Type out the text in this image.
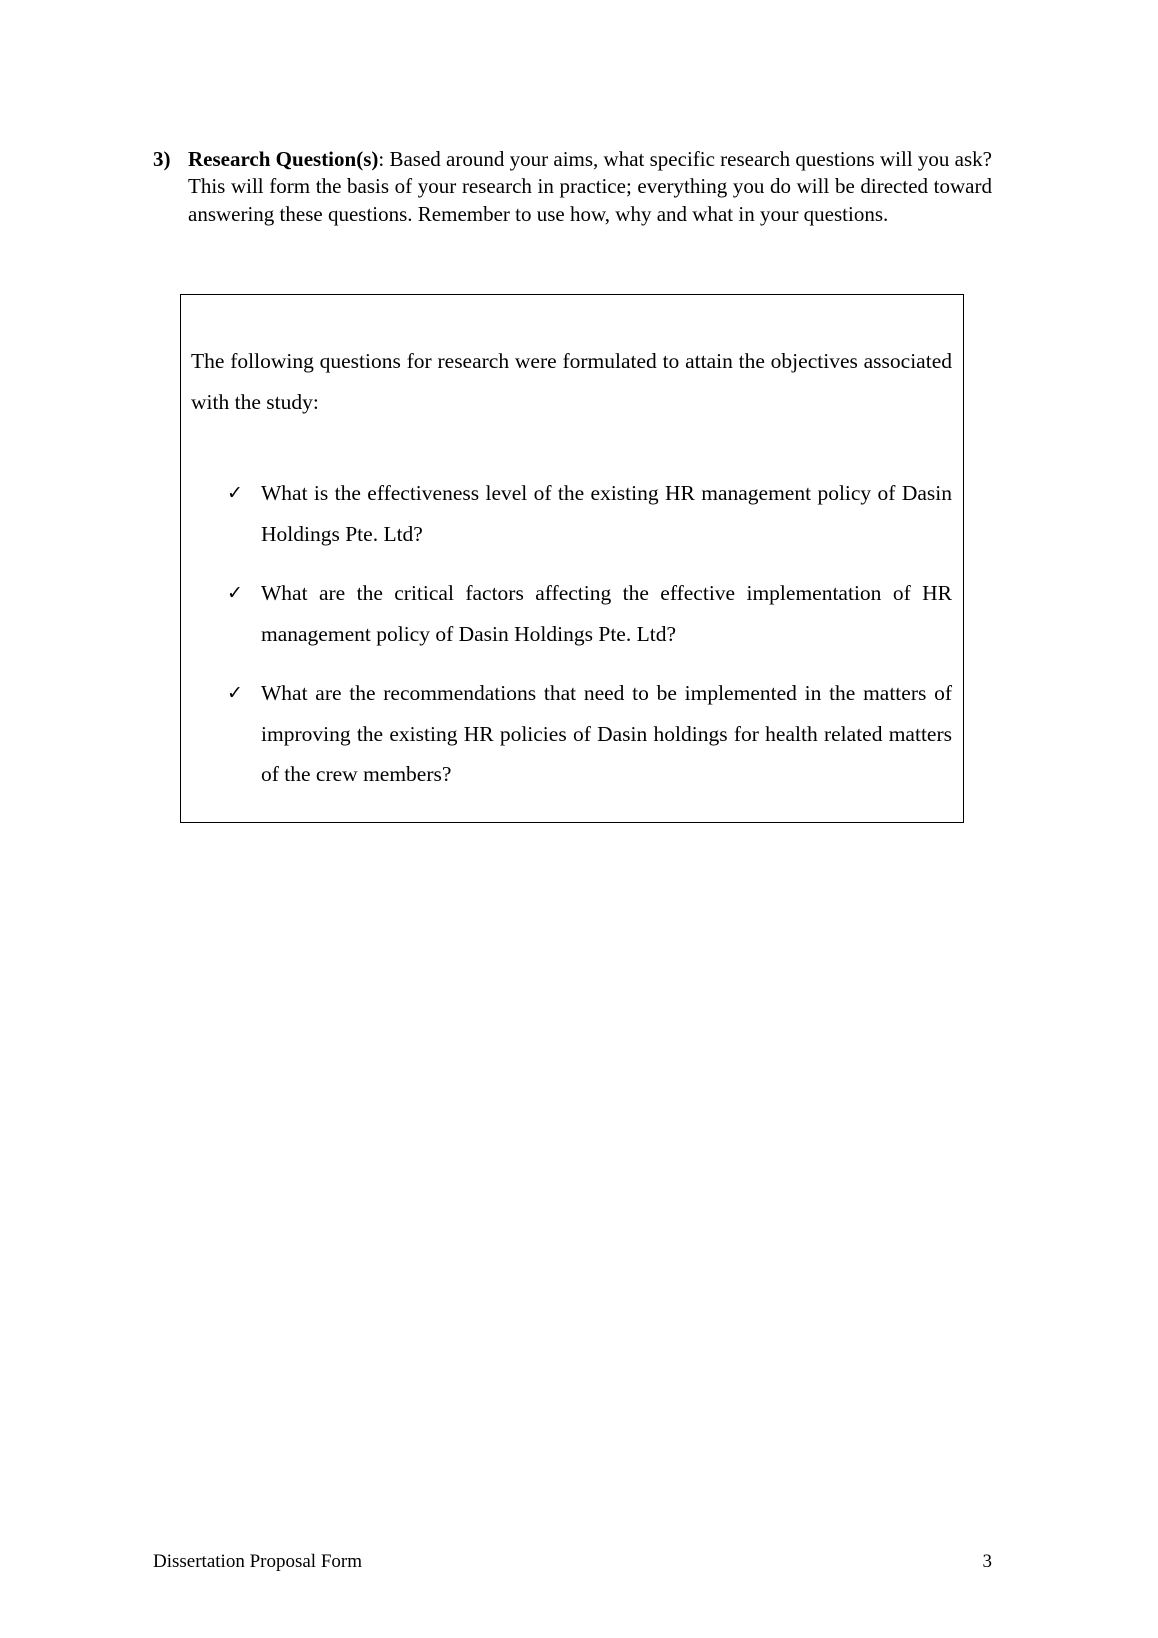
3) Research Question(s): Based around your aims, what specific research questions will you ask? This will form the basis of your research in practice; everything you do will be directed toward answering these questions. Remember to use how, why and what in your questions.

The following questions for research were formulated to attain the objectives associated with the study:

✓ What is the effectiveness level of the existing HR management policy of Dasin Holdings Pte. Ltd?
✓ What are the critical factors affecting the effective implementation of HR management policy of Dasin Holdings Pte. Ltd?
✓ What are the recommendations that need to be implemented in the matters of improving the existing HR policies of Dasin holdings for health related matters of the crew members?
Dissertation Proposal Form	3
